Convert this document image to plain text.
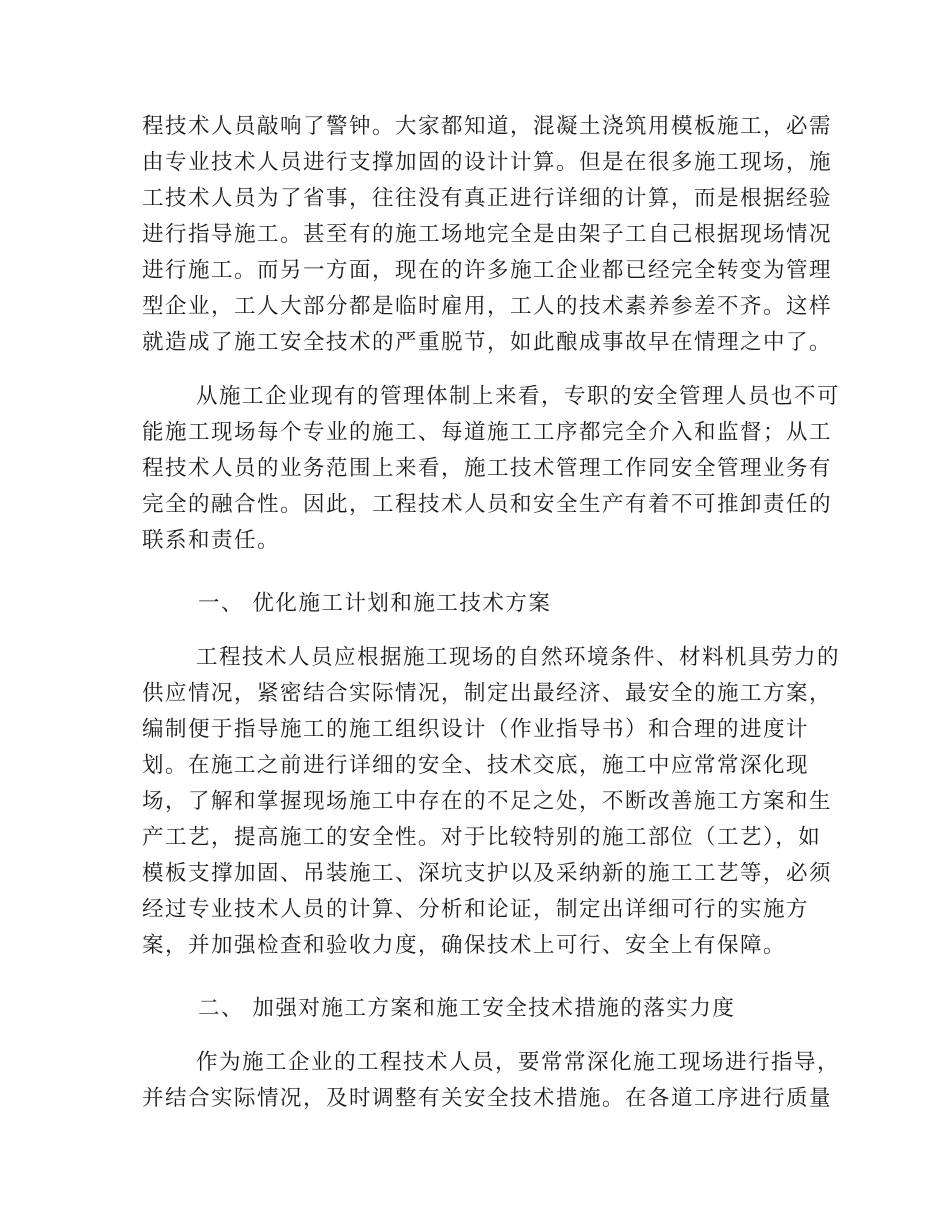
程技术人员敲响了警钟。大家都知道，混凝土浇筑用模板施工，必需
由专业技术人员进行支撑加固的设计计算。但是在很多施工现场，施
工技术人员为了省事，往往没有真正进行详细的计算，而是根据经验
进行指导施工。甚至有的施工场地完全是由架子工自己根据现场情况
进行施工。而另一方面，现在的许多施工企业都已经完全转变为管理
型企业，工人大部分都是临时雇用，工人的技术素养参差不齐。这样
就造成了施工安全技术的严重脱节，如此酿成事故早在情理之中了。
从施工企业现有的管理体制上来看，专职的安全管理人员也不可
能施工现场每个专业的施工、每道施工工序都完全介入和监督；从工
程技术人员的业务范围上来看，施工技术管理工作同安全管理业务有
完全的融合性。因此，工程技术人员和安全生产有着不可推卸责任的
联系和责任。
一、 优化施工计划和施工技术方案
工程技术人员应根据施工现场的自然环境条件、材料机具劳力的
供应情况，紧密结合实际情况，制定出最经济、最安全的施工方案，
编制便于指导施工的施工组织设计（作业指导书）和合理的进度计
划。在施工之前进行详细的安全、技术交底，施工中应常常深化现
场，了解和掌握现场施工中存在的不足之处，不断改善施工方案和生
产工艺，提高施工的安全性。对于比较特别的施工部位（工艺），如
模板支撑加固、吊装施工、深坑支护以及采纳新的施工工艺等，必须
经过专业技术人员的计算、分析和论证，制定出详细可行的实施方
案，并加强检查和验收力度，确保技术上可行、安全上有保障。
二、 加强对施工方案和施工安全技术措施的落实力度
作为施工企业的工程技术人员，要常常深化施工现场进行指导，
并结合实际情况，及时调整有关安全技术措施。在各道工序进行质量
